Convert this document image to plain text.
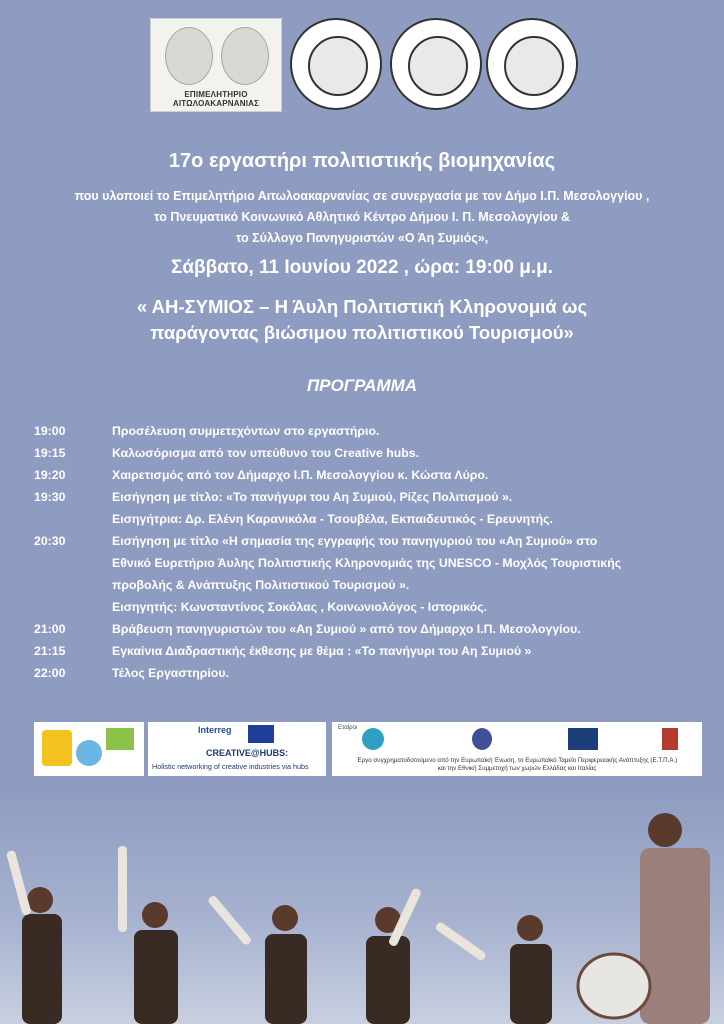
ΕΠΙΜΕΛΗΤΗΡΙΟ ΑΙΤΩΛΟΑΚΑΡΝΑΝΙΑΣ
17ο εργαστήρι πολιτιστικής βιομηχανίας
που υλοποιεί το Επιμελητήριο Αιτωλοακαρνανίας σε συνεργασία με τον Δήμο Ι.Π. Μεσολογγίου ,
το Πνευματικό Κοινωνικό Αθλητικό Κέντρο Δήμου Ι. Π. Μεσολογγίου &
το Σύλλογο Πανηγυριστών «Ο Άη Συμιός»,
Σάββατο, 11 Ιουνίου 2022 , ώρα: 19:00 μ.μ.
« ΑΗ-ΣΥΜΙΟΣ – Η Άυλη Πολιτιστική Κληρονομιά ως
παράγοντας βιώσιμου πολιτιστικού Τουρισμού»
ΠΡΟΓΡΑΜΜΑ
19:00	Προσέλευση συμμετεχόντων στο εργαστήριο.
19:15	Καλωσόρισμα από τον υπεύθυνο του Creative hubs.
19:20	Χαιρετισμός από τον Δήμαρχο Ι.Π. Μεσολογγίου κ. Κώστα Λύρο.
19:30	Εισήγηση με τίτλο: «Το πανήγυρι του Αη Συμιού, Ρίζες Πολιτισμού ».
Εισηγήτρια: Δρ. Ελένη Καρανικόλα - Τσουβέλα, Εκπαιδευτικός - Ερευνητής.
20:30	Εισήγηση με τίτλο «Η σημασία της εγγραφής του πανηγυριού του «Αη Συμιού» στο
Εθνικό Ευρετήριο Άυλης Πολιτιστικής Κληρονομιάς της UNESCO - Μοχλός Τουριστικής
προβολής & Ανάπτυξης Πολιτιστικού Τουρισμού ».
Εισηγητής: Κωνσταντίνος Σοκόλας , Κοινωνιολόγος - Ιστορικός.
21:00	Βράβευση πανηγυριστών του «Αη Συμιού » από τον Δήμαρχο Ι.Π. Μεσολογγίου.
21:15	Εγκαίνια Διαδραστικής έκθεσης με θέμα : «Το πανήγυρι του Αη Συμιού »
22:00	Τέλος Εργαστηρίου.
Interreg
CREATIVE@HUBS:
Holistic networking of creative industries via hubs
Εταίροι
Έργο συγχρηματοδοτούμενο από την Ευρωπαϊκή Ένωση, το Ευρωπαϊκό Ταμείο Περιφερειακής Ανάπτυξης (Ε.Τ.Π.Α.)
και την Εθνική Συμμετοχή των χωρών Ελλάδας και Ιταλίας
